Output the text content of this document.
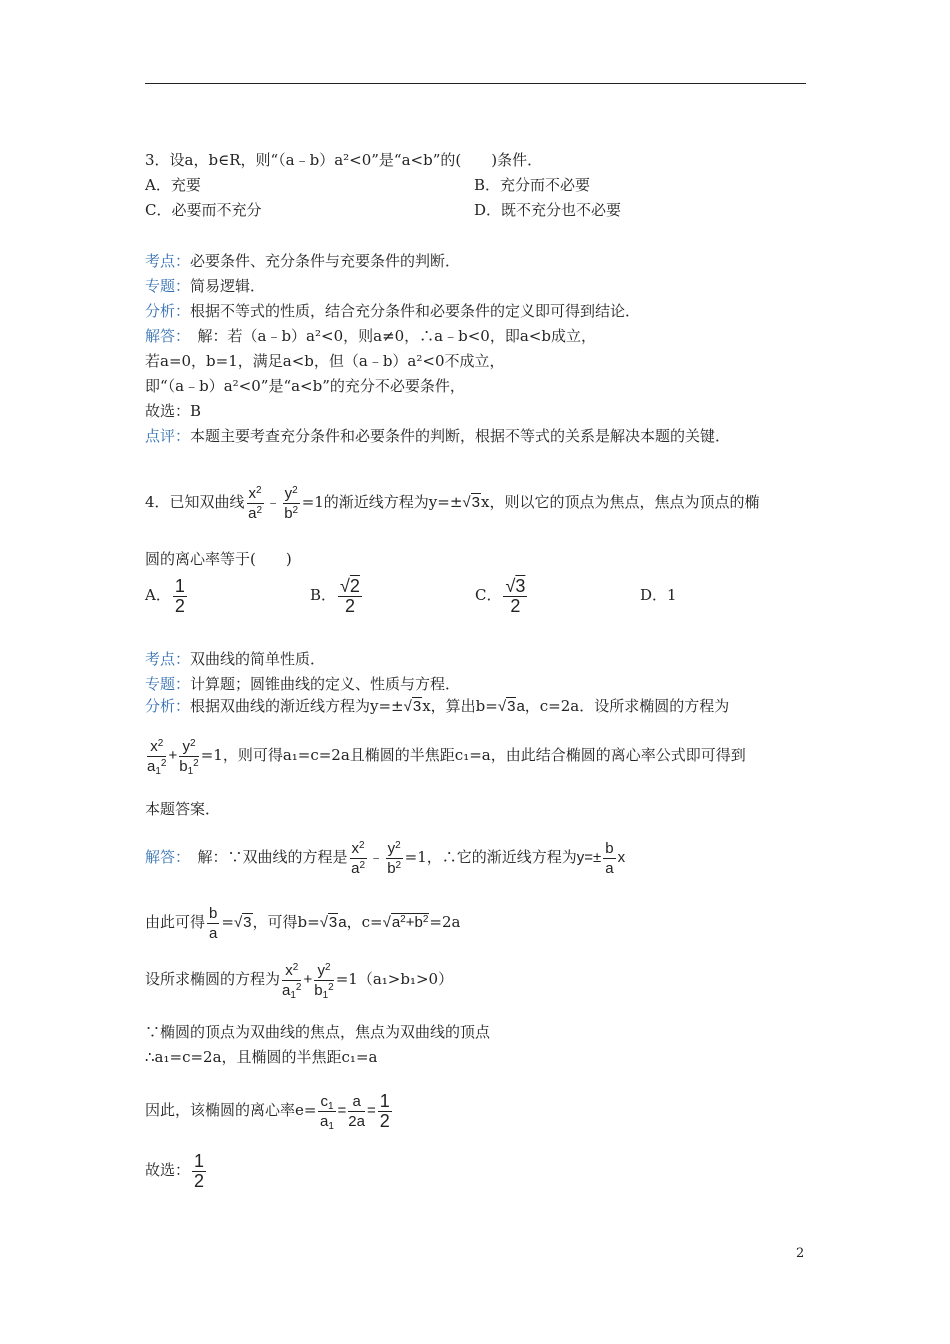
3．设a，b∈R，则“（a﹣b）a²<0”是“a<b”的(　　)条件．
A．充要	B．充分而不必要
C．必要而不充分	D．既不充分也不必要
考点：必要条件、充分条件与充要条件的判断．
专题：简易逻辑．
分析：根据不等式的性质，结合充分条件和必要条件的定义即可得到结论．
解答：　解：若（a﹣b）a²<0，则a≠0，∴a﹣b<0，即a<b成立，
若a=0，b=1，满足a<b，但（a﹣b）a²<0不成立，
即“（a﹣b）a²<0”是“a<b”的充分不必要条件，
故选：B
点评：本题主要考查充分条件和必要条件的判断，根据不等式的关系是解决本题的关键．
4．已知双曲线 $\frac{x^2}{a^2}$ ﹣ $\frac{y^2}{b^2} =1$的渐近线方程为y=±√3x，则以它的顶点为焦点，焦点为顶点的椭
圆的离心率等于(　　)
A． $\frac{1}{2}$	B． $\frac{√2}{2}$	C． $\frac{√3}{2}$	D．1
考点：双曲线的简单性质．
专题：计算题；圆锥曲线的定义、性质与方程．
分析：根据双曲线的渐近线方程为y=±√3x，算出b=√3a，c=2a．设所求椭圆的方程为
$\frac{x^2}{a_1^2} + \frac{y^2}{b_1^2} =1$，则可得a₁=c=2a且椭圆的半焦距c₁=a，由此结合椭圆的离心率公式即可得到
本题答案．
解答：　解：∵双曲线的方程是 $\frac{x^2}{a^2}$ ﹣ $\frac{y^2}{b^2} =1$，∴它的渐近线方程为$y=\pm \frac{b}{a}$ x
由此可得 $\frac{b}{a} =√3$，可得b=√3a，$c=√a^2+b^2=2a$
设所求椭圆的方程为 $\frac{x^2}{a_1^2} + \frac{y^2}{b_1^2} =1(a_1>b_1>0)$
∵椭圆的顶点为双曲线的焦点，焦点为双曲线的顶点
∴a₁=c=2a，且椭圆的半焦距c₁=a
因此，该椭圆的离心率$e= \frac{c_1}{a_1} = \frac{a}{2a} = \frac{1}{2}$
故选： $\frac{1}{2}$
2
